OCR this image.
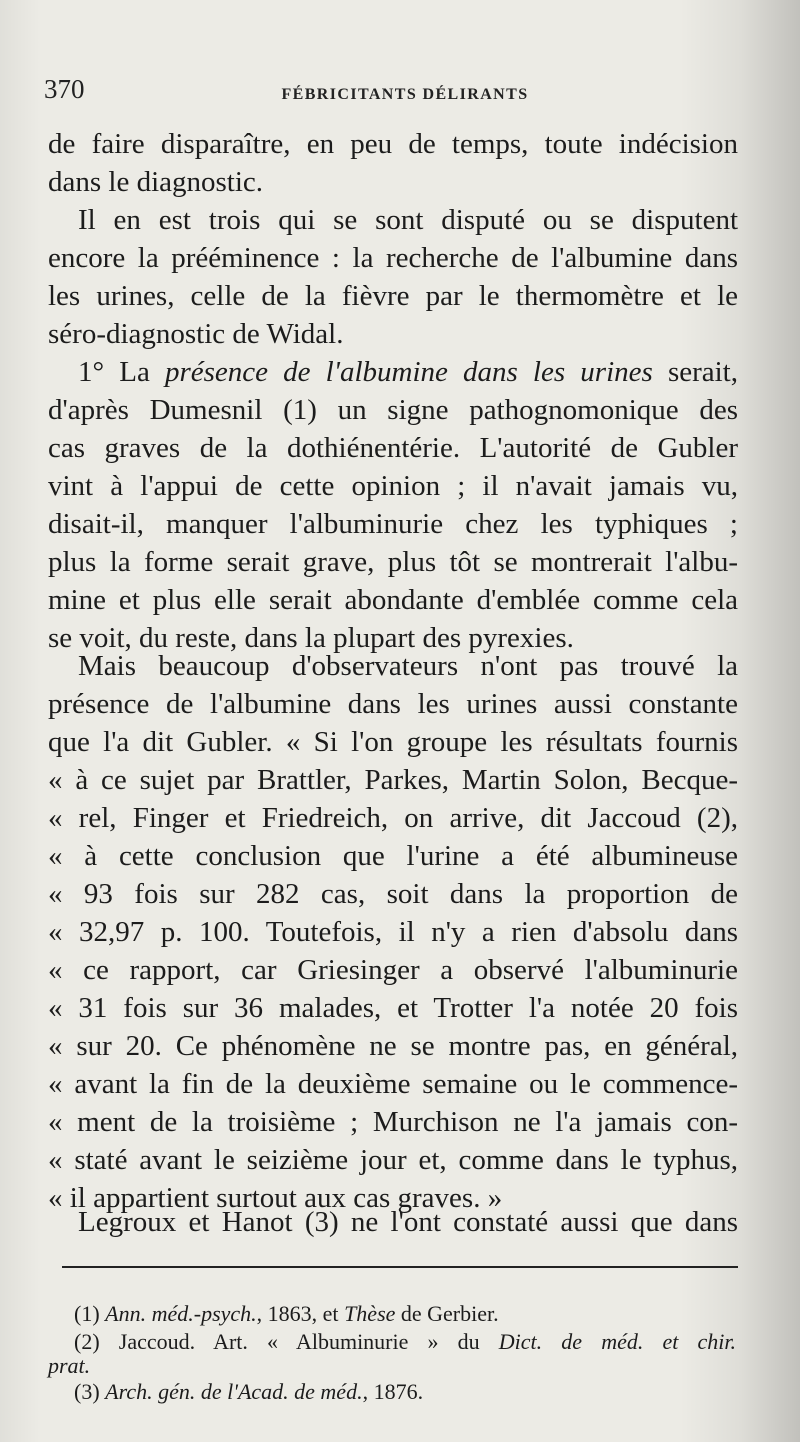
370	FÉBRICITANTS DÉLIRANTS
de faire disparaître, en peu de temps, toute indécision
dans le diagnostic.
Il en est trois qui se sont disputé ou se disputent
encore la prééminence : la recherche de l'albumine dans
les urines, celle de la fièvre par le thermomètre et le
séro-diagnostic de Widal.
1° La présence de l'albumine dans les urines serait,
d'après Dumesnil (1) un signe pathognomonique des
cas graves de la dothiénentérie. L'autorité de Gubler
vint à l'appui de cette opinion ; il n'avait jamais vu,
disait-il, manquer l'albuminurie chez les typhiques ;
plus la forme serait grave, plus tôt se montrerait l'albu-
mine et plus elle serait abondante d'emblée comme cela
se voit, du reste, dans la plupart des pyrexies.
Mais beaucoup d'observateurs n'ont pas trouvé la
présence de l'albumine dans les urines aussi constante
que l'a dit Gubler. « Si l'on groupe les résultats fournis
« à ce sujet par Brattler, Parkes, Martin Solon, Becque-
« rel, Finger et Friedreich, on arrive, dit Jaccoud (2),
« à cette conclusion que l'urine a été albumineuse
« 93 fois sur 282 cas, soit dans la proportion de
« 32,97 p. 100. Toutefois, il n'y a rien d'absolu dans
« ce rapport, car Griesinger a observé l'albuminurie
« 31 fois sur 36 malades, et Trotter l'a notée 20 fois
« sur 20. Ce phénomène ne se montre pas, en général,
« avant la fin de la deuxième semaine ou le commence-
« ment de la troisième ; Murchison ne l'a jamais con-
« staté avant le seizième jour et, comme dans le typhus,
« il appartient surtout aux cas graves. »
Legroux et Hanot (3) ne l'ont constaté aussi que dans
(1) Ann. méd.-psych., 1863, et Thèse de Gerbier.
(2) Jaccoud. Art. « Albuminurie » du Dict. de méd. et chir.
prat.
(3) Arch. gén. de l'Acad. de méd., 1876.
